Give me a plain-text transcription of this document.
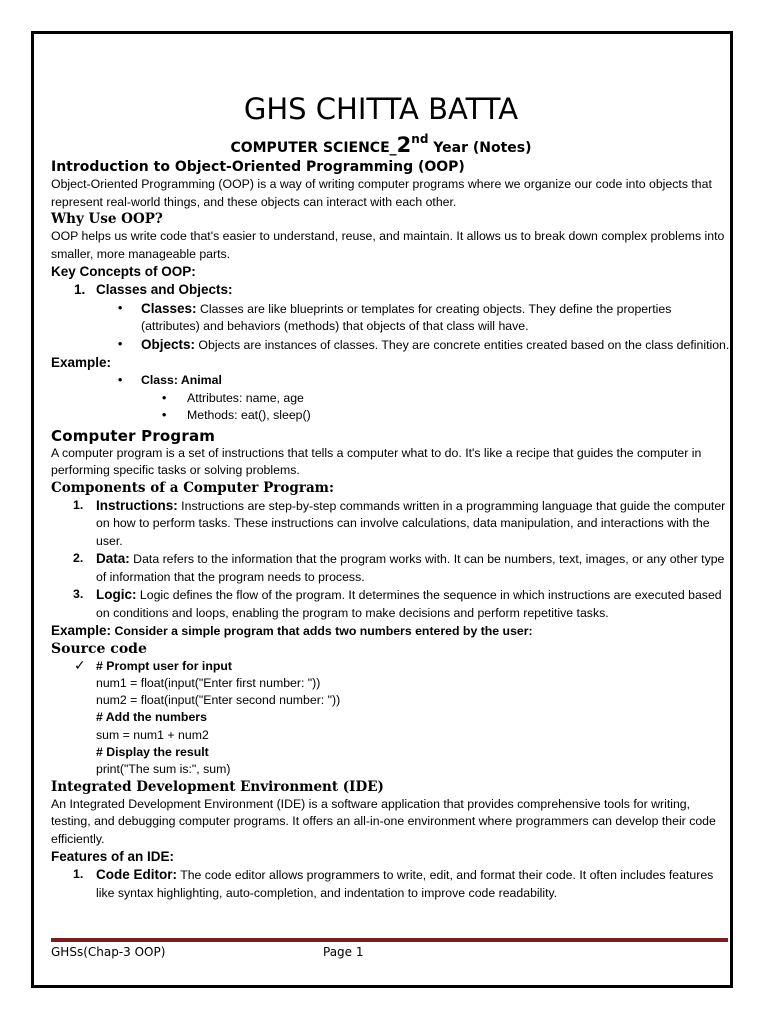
GHS CHITTA BATTA
COMPUTER SCIENCE_2nd Year (Notes)
Introduction to Object-Oriented Programming (OOP)

Object-Oriented Programming (OOP) is a way of writing computer programs where we organize our code into objects that represent real-world things, and these objects can interact with each other.

Why Use OOP?

OOP helps us write code that's easier to understand, reuse, and maintain. It allows us to break down complex problems into smaller, more manageable parts.

Key Concepts of OOP:
1. Classes and Objects:
• Classes: Classes are like blueprints or templates for creating objects. They define the properties (attributes) and behaviors (methods) that objects of that class will have.
• Objects: Objects are instances of classes. They are concrete entities created based on the class definition.
Example:
• Class: Animal
• Attributes: name, age
• Methods: eat(), sleep()
Computer Program

A computer program is a set of instructions that tells a computer what to do. It's like a recipe that guides the computer in performing specific tasks or solving problems.

Components of a Computer Program:
1. Instructions: Instructions are step-by-step commands written in a programming language that guide the computer on how to perform tasks. These instructions can involve calculations, data manipulation, and interactions with the user.
2. Data: Data refers to the information that the program works with. It can be numbers, text, images, or any other type of information that the program needs to process.
3. Logic: Logic defines the flow of the program. It determines the sequence in which instructions are executed based on conditions and loops, enabling the program to make decisions and perform repetitive tasks.

Example: Consider a simple program that adds two numbers entered by the user:

Source code
✓ # Prompt user for input
num1 = float(input("Enter first number: "))
num2 = float(input("Enter second number: "))
# Add the numbers
sum = num1 + num2
# Display the result
print("The sum is:", sum)
Integrated Development Environment (IDE)

An Integrated Development Environment (IDE) is a software application that provides comprehensive tools for writing, testing, and debugging computer programs. It offers an all-in-one environment where programmers can develop their code efficiently.

Features of an IDE:
1. Code Editor: The code editor allows programmers to write, edit, and format their code. It often includes features like syntax highlighting, auto-completion, and indentation to improve code readability.
GHSs(Chap-3 OOP)	Page 1
